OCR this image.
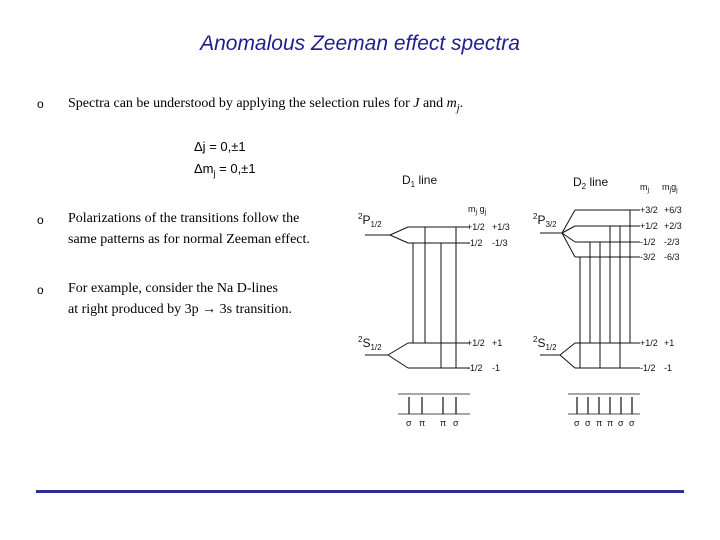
Anomalous Zeeman effect spectra
o Spectra can be understood by applying the selection rules for J and $m_j$.
Δj = 0,±1
$\Delta m_j = 0,\pm 1$
o Polarizations of the transitions follow the
same patterns as for normal Zeeman effect.
o For example, consider the Na D-lines
at right produced by 3p → 3s transition.
$D_1$ line
$m_j$ $g_j$
$^2P_{1/2}$	+1/2 +1/3
-1/2 -1/3
$^2S_{1/2}$	+1/2 +1
-1/2 -1
σ π π σ
$D_2$ line	$m_j$ $m_jg_j$
$^2P_{3/2}$
+3/2 +6/3
+1/2 +2/3
-1/2 -2/3
-3/2 -6/3
$^2S_{1/2}$	+1/2 +1
-1/2 -1
σ σ π π σ σ
